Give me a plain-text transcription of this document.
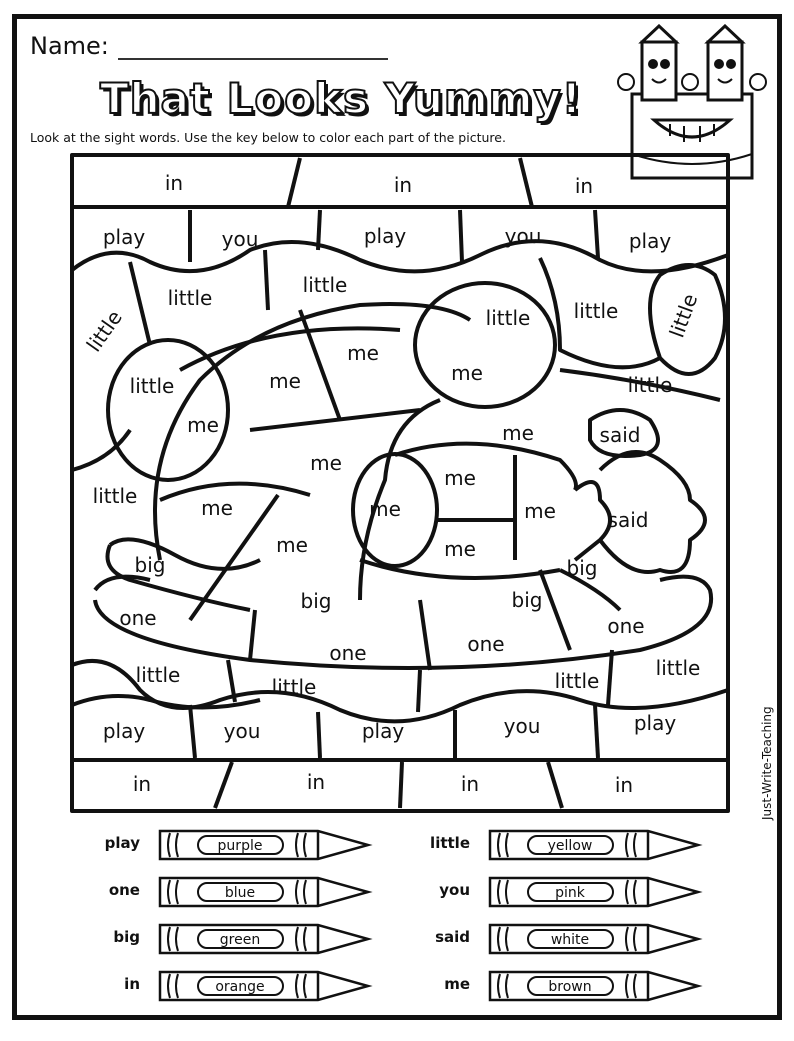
Name:
That Looks Yummy!
Look at the sight words. Use the key below to color each part of the picture.
in	in	in
play	you	play	you	play
little
little
little little little
little
little
little
little
me
me
me
me
me
me
me
me	me	me
me	me
said
said
big
big	big
big
one
one	one
one
little	little	little
little
play	you	play	you	play
in	in	in	in	Just-Write-Teaching
play	purple
one	blue
big	green
in	orange
little	yellow
you	pink
said	white
me	brown
